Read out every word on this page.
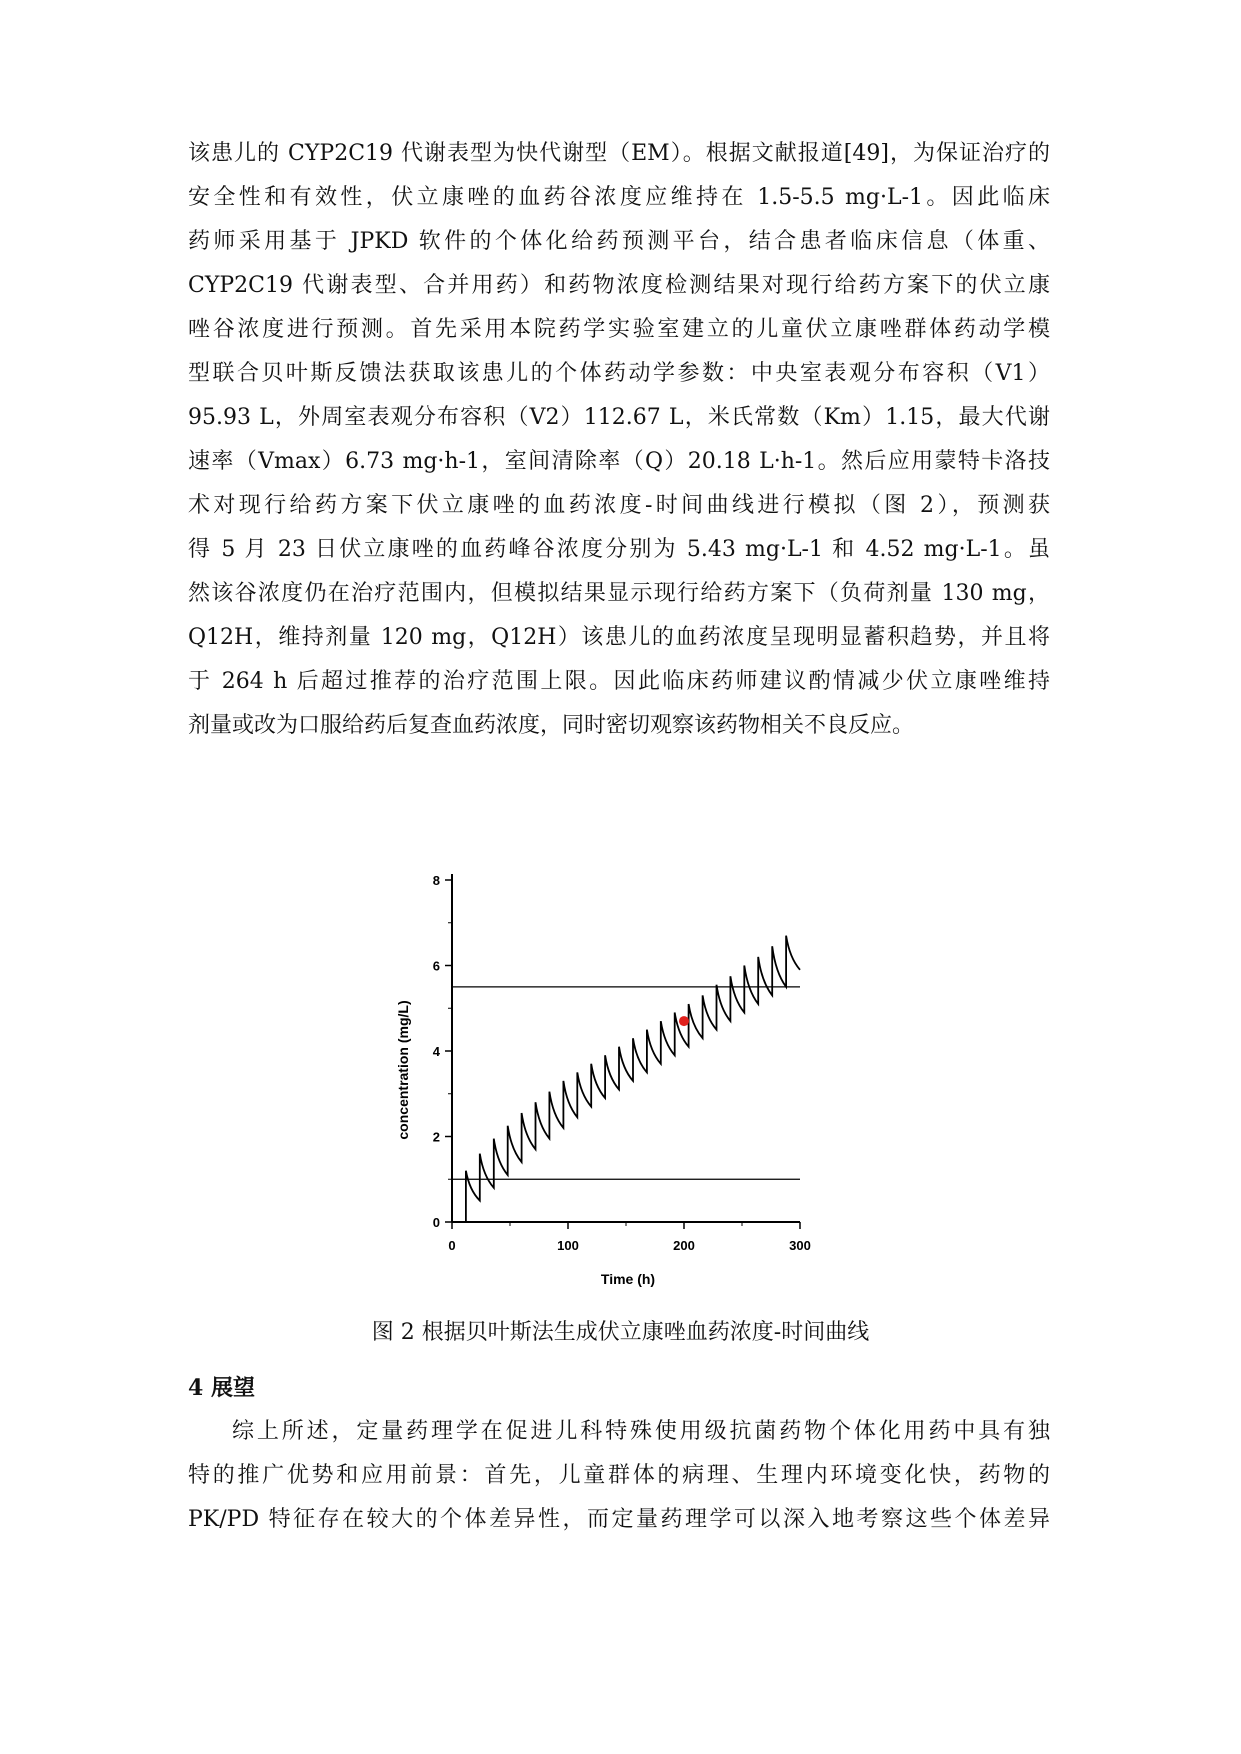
该患儿的 CYP2C19 代谢表型为快代谢型（EM）。根据文献报道[49]，为保证治疗的
安全性和有效性，伏立康唑的血药谷浓度应维持在 1.5-5.5 mg·L-1。因此临床
药师采用基于 JPKD 软件的个体化给药预测平台，结合患者临床信息（体重、
CYP2C19 代谢表型、合并用药）和药物浓度检测结果对现行给药方案下的伏立康
唑谷浓度进行预测。首先采用本院药学实验室建立的儿童伏立康唑群体药动学模
型联合贝叶斯反馈法获取该患儿的个体药动学参数：中央室表观分布容积（V1）
95.93 L，外周室表观分布容积（V2）112.67 L，米氏常数（Km）1.15，最大代谢
速率（Vmax）6.73 mg·h-1，室间清除率（Q）20.18 L·h-1。然后应用蒙特卡洛技
术对现行给药方案下伏立康唑的血药浓度-时间曲线进行模拟（图 2），预测获
得 5 月 23 日伏立康唑的血药峰谷浓度分别为 5.43 mg·L-1 和 4.52 mg·L-1。虽
然该谷浓度仍在治疗范围内，但模拟结果显示现行给药方案下（负荷剂量 130 mg，
Q12H，维持剂量 120 mg，Q12H）该患儿的血药浓度呈现明显蓄积趋势，并且将
于 264 h 后超过推荐的治疗范围上限。因此临床药师建议酌情减少伏立康唑维持
剂量或改为口服给药后复查血药浓度，同时密切观察该药物相关不良反应。
0	100	200	300
0
2
4
6
8
Time (h)
concentration (mg/L)
图 2 根据贝叶斯法生成伏立康唑血药浓度-时间曲线
4 展望
综上所述，定量药理学在促进儿科特殊使用级抗菌药物个体化用药中具有独
特的推广优势和应用前景：首先，儿童群体的病理、生理内环境变化快，药物的
PK/PD 特征存在较大的个体差异性，而定量药理学可以深入地考察这些个体差异
